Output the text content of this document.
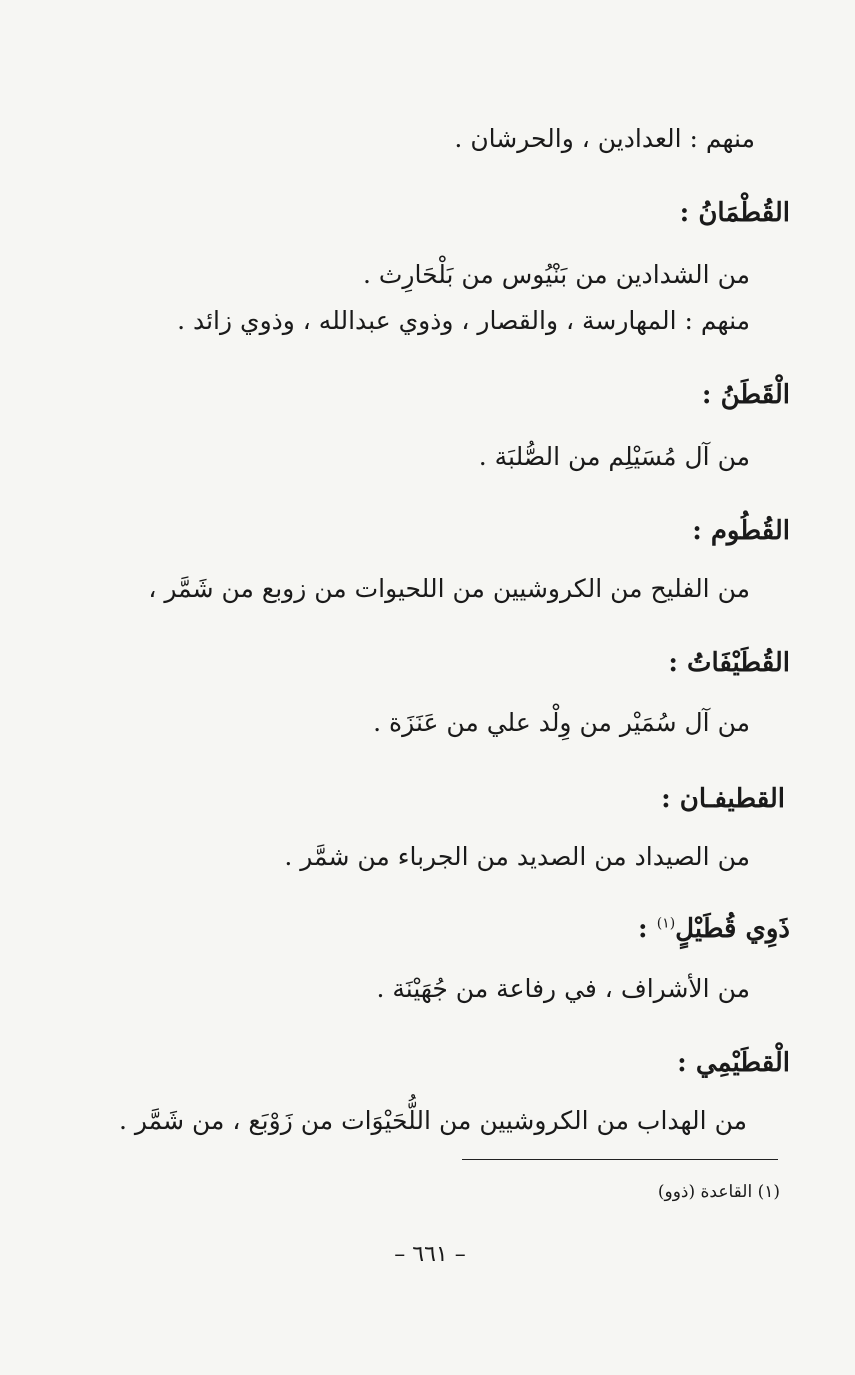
منهم : العدادين ، والحرشان .
القُطْمَانُ :
من الشدادين من بَنْيُوس من بَلْحَارِث .
منهم : المهارسة ، والقصار ، وذوي عبدالله ، وذوي زائد .
الْقَطَنُ :
من آل مُسَيْلِم من الصُّلبَة .
القُطُوم :
من الفليح من الكروشيين من اللحيوات من زوبع من شَمَّر ،
القُطَيْفَاتُ :
من آل سُمَيْر من وِلْد علي من عَنَزَة .
القطيفـان :
من الصيداد من الصديد من الجرباء من شمَّر .
ذَوِي قُطَيْلٍ$^{(١)}$ :
من الأشراف ، في رفاعة من جُهَيْنَة .
الْقطَيْمِي :
من الهداب من الكروشيين من اللُّحَيْوَات من زَوْبَع ، من شَمَّر .
(١) القاعدة (ذوو)
– ٦٦١ –
